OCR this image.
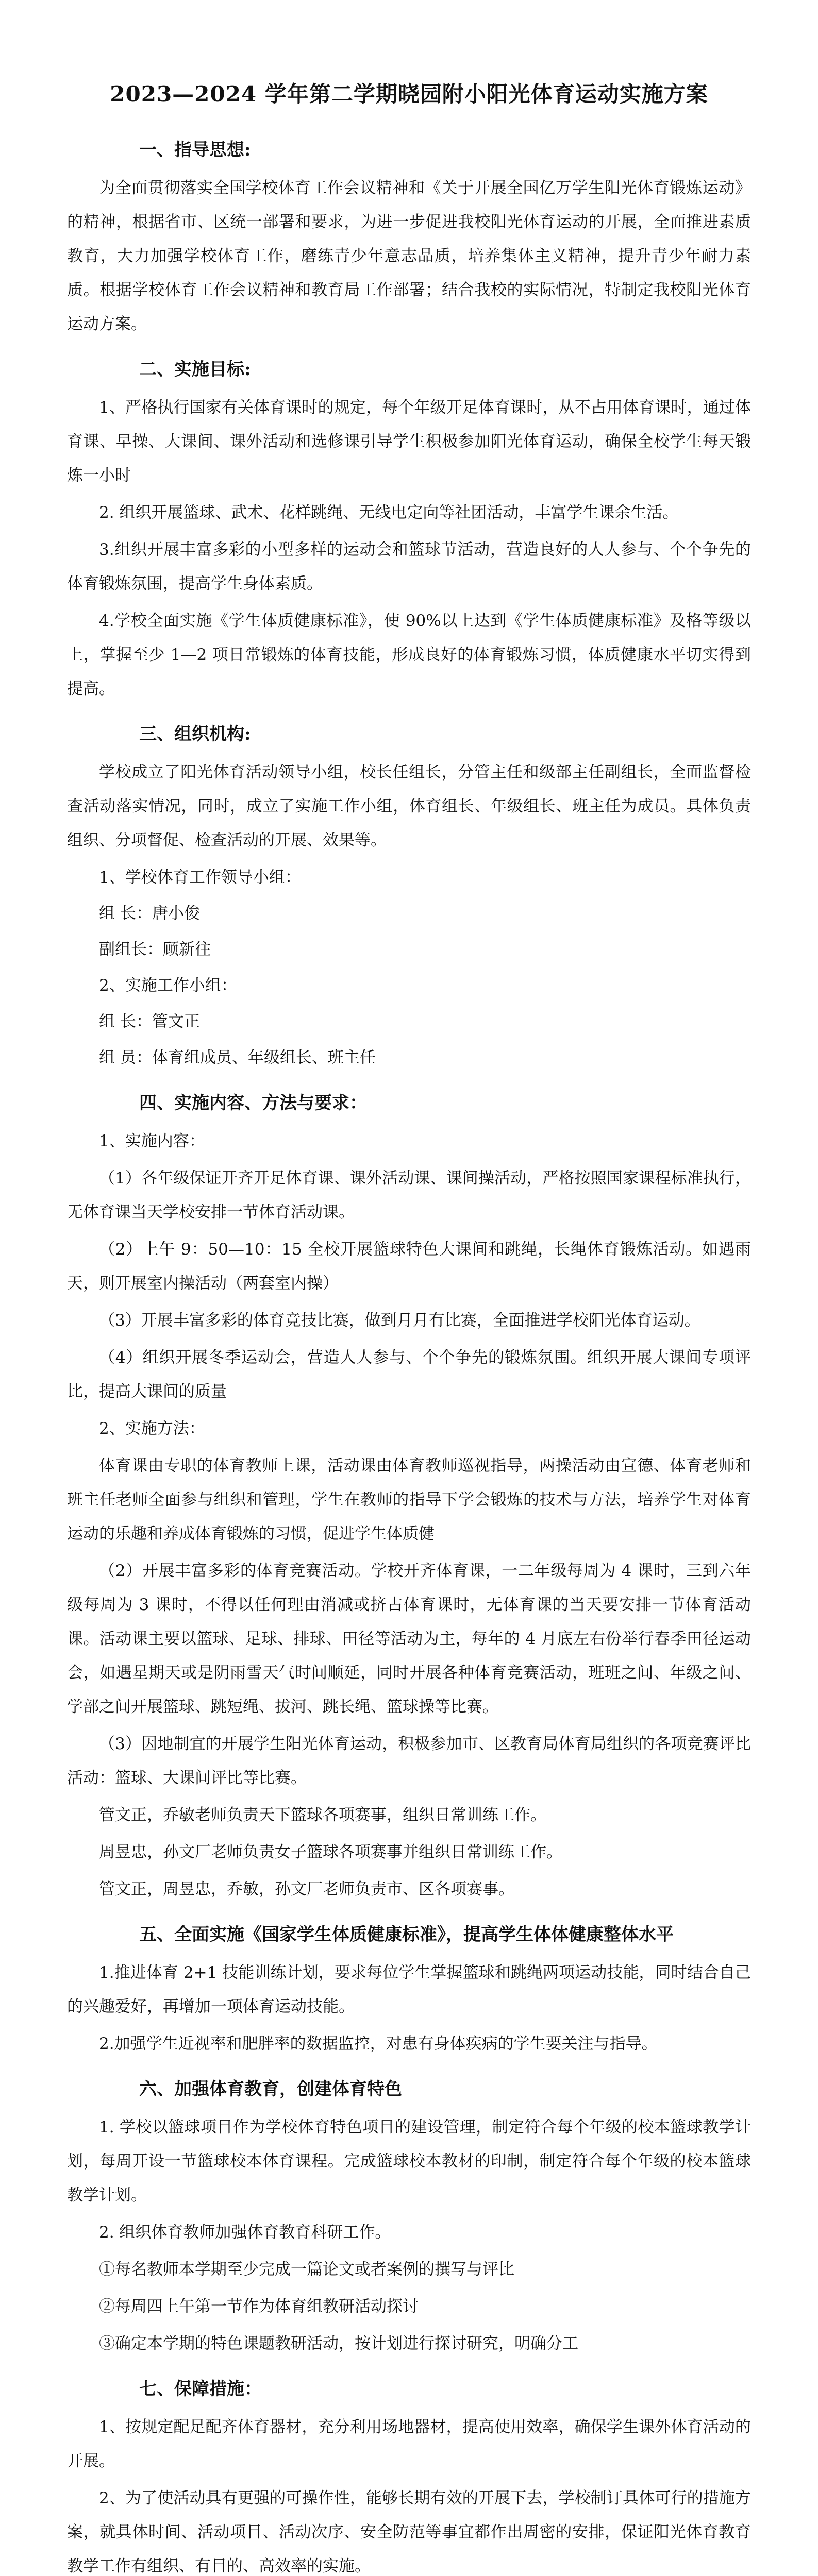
2023—2024 学年第二学期晓园附小阳光体育运动实施方案
一、指导思想:
为全面贯彻落实全国学校体育工作会议精神和《关于开展全国亿万学生阳光体育锻炼运动》的精神，根据省市、区统一部署和要求，为进一步促进我校阳光体育运动的开展，全面推进素质教育，大力加强学校体育工作，磨练青少年意志品质，培养集体主义精神，提升青少年耐力素质。根据学校体育工作会议精神和教育局工作部署；结合我校的实际情况，特制定我校阳光体育运动方案。
二、实施目标:
1、严格执行国家有关体育课时的规定，每个年级开足体育课时，从不占用体育课时，通过体育课、早操、大课间、课外活动和选修课引导学生积极参加阳光体育运动，确保全校学生每天锻炼一小时
2. 组织开展篮球、武术、花样跳绳、无线电定向等社团活动，丰富学生课余生活。
3.组织开展丰富多彩的小型多样的运动会和篮球节活动，营造良好的人人参与、个个争先的体育锻炼氛围，提高学生身体素质。
4.学校全面实施《学生体质健康标准》，使 90%以上达到《学生体质健康标准》及格等级以上，掌握至少 1—2 项日常锻炼的体育技能，形成良好的体育锻炼习惯，体质健康水平切实得到提高。
三、组织机构:
学校成立了阳光体育活动领导小组，校长任组长，分管主任和级部主任副组长，全面监督检查活动落实情况，同时，成立了实施工作小组，体育组长、年级组长、班主任为成员。具体负责组织、分项督促、检查活动的开展、效果等。
1、学校体育工作领导小组：
组 长：唐小俊
副组长：顾新往
2、实施工作小组：
组 长：管文正
组 员：体育组成员、年级组长、班主任
四、实施内容、方法与要求：
1、实施内容：
（1）各年级保证开齐开足体育课、课外活动课、课间操活动，严格按照国家课程标准执行，无体育课当天学校安排一节体育活动课。
（2）上午 9：50—10：15 全校开展篮球特色大课间和跳绳，长绳体育锻炼活动。如遇雨天，则开展室内操活动（两套室内操）
（3）开展丰富多彩的体育竞技比赛，做到月月有比赛，全面推进学校阳光体育运动。
（4）组织开展冬季运动会，营造人人参与、个个争先的锻炼氛围。组织开展大课间专项评比，提高大课间的质量
2、实施方法：
体育课由专职的体育教师上课，活动课由体育教师巡视指导，两操活动由宣德、体育老师和班主任老师全面参与组织和管理，学生在教师的指导下学会锻炼的技术与方法，培养学生对体育运动的乐趣和养成体育锻炼的习惯，促进学生体质健
（2）开展丰富多彩的体育竞赛活动。学校开齐体育课，一二年级每周为 4 课时，三到六年级每周为 3 课时，不得以任何理由消减或挤占体育课时，无体育课的当天要安排一节体育活动课。活动课主要以篮球、足球、排球、田径等活动为主，每年的 4 月底左右份举行春季田径运动会，如遇星期天或是阴雨雪天气时间顺延，同时开展各种体育竞赛活动，班班之间、年级之间、学部之间开展篮球、跳短绳、拔河、跳长绳、篮球操等比赛。
（3）因地制宜的开展学生阳光体育运动，积极参加市、区教育局体育局组织的各项竞赛评比活动：篮球、大课间评比等比赛。
管文正，乔敏老师负责天下篮球各项赛事，组织日常训练工作。
周昱忠，孙文厂老师负责女子篮球各项赛事并组织日常训练工作。
管文正，周昱忠，乔敏，孙文厂老师负责市、区各项赛事。
五、全面实施《国家学生体质健康标准》，提高学生体体健康整体水平
1.推进体育 2+1 技能训练计划，要求每位学生掌握篮球和跳绳两项运动技能，同时结合自己的兴趣爱好，再增加一项体育运动技能。
2.加强学生近视率和肥胖率的数据监控，对患有身体疾病的学生要关注与指导。
六、加强体育教育，创建体育特色
1. 学校以篮球项目作为学校体育特色项目的建设管理，制定符合每个年级的校本篮球教学计划，每周开设一节篮球校本体育课程。完成篮球校本教材的印制，制定符合每个年级的校本篮球教学计划。
2. 组织体育教师加强体育教育科研工作。
①每名教师本学期至少完成一篇论文或者案例的撰写与评比
②每周四上午第一节作为体育组教研活动探讨
③确定本学期的特色课题教研活动，按计划进行探讨研究，明确分工
七、保障措施：
1、按规定配足配齐体育器材，充分利用场地器材，提高使用效率，确保学生课外体育活动的开展。
2、为了使活动具有更强的可操作性，能够长期有效的开展下去，学校制订具体可行的措施方案，就具体时间、活动项目、活动次序、安全防范等事宜都作出周密的安排，保证阳光体育教育教学工作有组织、有目的、高效率的实施。
